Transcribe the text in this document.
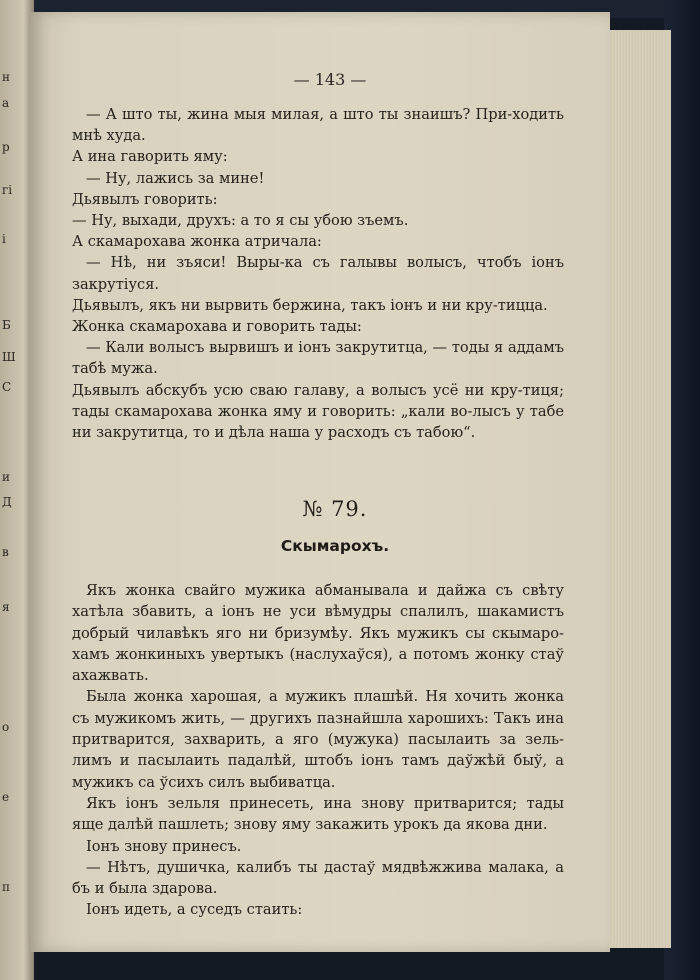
н
а
р
гі
і
Б
Ш
С
и
Д
в
я
о
е
п
— 143 —

— А што ты, жина мыя милая, а што ты знаишъ? При-ходить мнѣ худа.

А ина гаворить яму:

— Ну, лажись за мине!

Дьявылъ говорить:

— Ну, выхади, друхъ: а то я сы убою зъемъ.

А скамарохава жонка атричала:

— Нѣ, ни зъяси! Выры-ка съ галывы волысъ, чтобъ іонъ закрутіуся.

Дьявылъ, якъ ни вырвить бержина, такъ іонъ и ни кру-тицца.

Жонка скамарохава и говорить тады:

— Кали волысъ вырвишъ и іонъ закрутитца, — тоды я аддамъ табѣ мужа.

Дьявылъ абскубъ усю сваю галаву, а волысъ усё ни кру-тиця; тады скамарохава жонка яму и говорить: „кали во-лысъ у табе ни закрутитца, то и дѣла наша у расходъ съ табою“.

№ 79.
Скымарохъ.

Якъ жонка свайго мужика абманывала и дайжа съ свѣту хатѣла збавить, а іонъ не уси вѣмудры спалилъ, шакамистъ добрый чилавѣкъ яго ни бризумѣу. Якъ мужикъ сы скымаро-хамъ жонкиныхъ увертыкъ (наслухаўся), а потомъ жонку стаў ахажвать.

Была жонка харошая, а мужикъ плашѣй. Ня хочить жонка съ мужикомъ жить, — другихъ пазнайшла харошихъ: Такъ ина притварится, захварить, а яго (мужука) пасылаить за зель-лимъ и пасылаить падалѣй, штобъ іонъ тамъ даўжѣй быў, а мужикъ са ўсихъ силъ выбиватца.

Якъ іонъ зельля принесеть, ина знову притварится; тады яще далѣй пашлеть; знову яму закажить урокъ да якова дни.

Іонъ знову принесъ.

— Нѣтъ, душичка, калибъ ты дастаў мядвѣжжива малака, а бъ и была здарова.

Іонъ идеть, а суседъ стаить:
